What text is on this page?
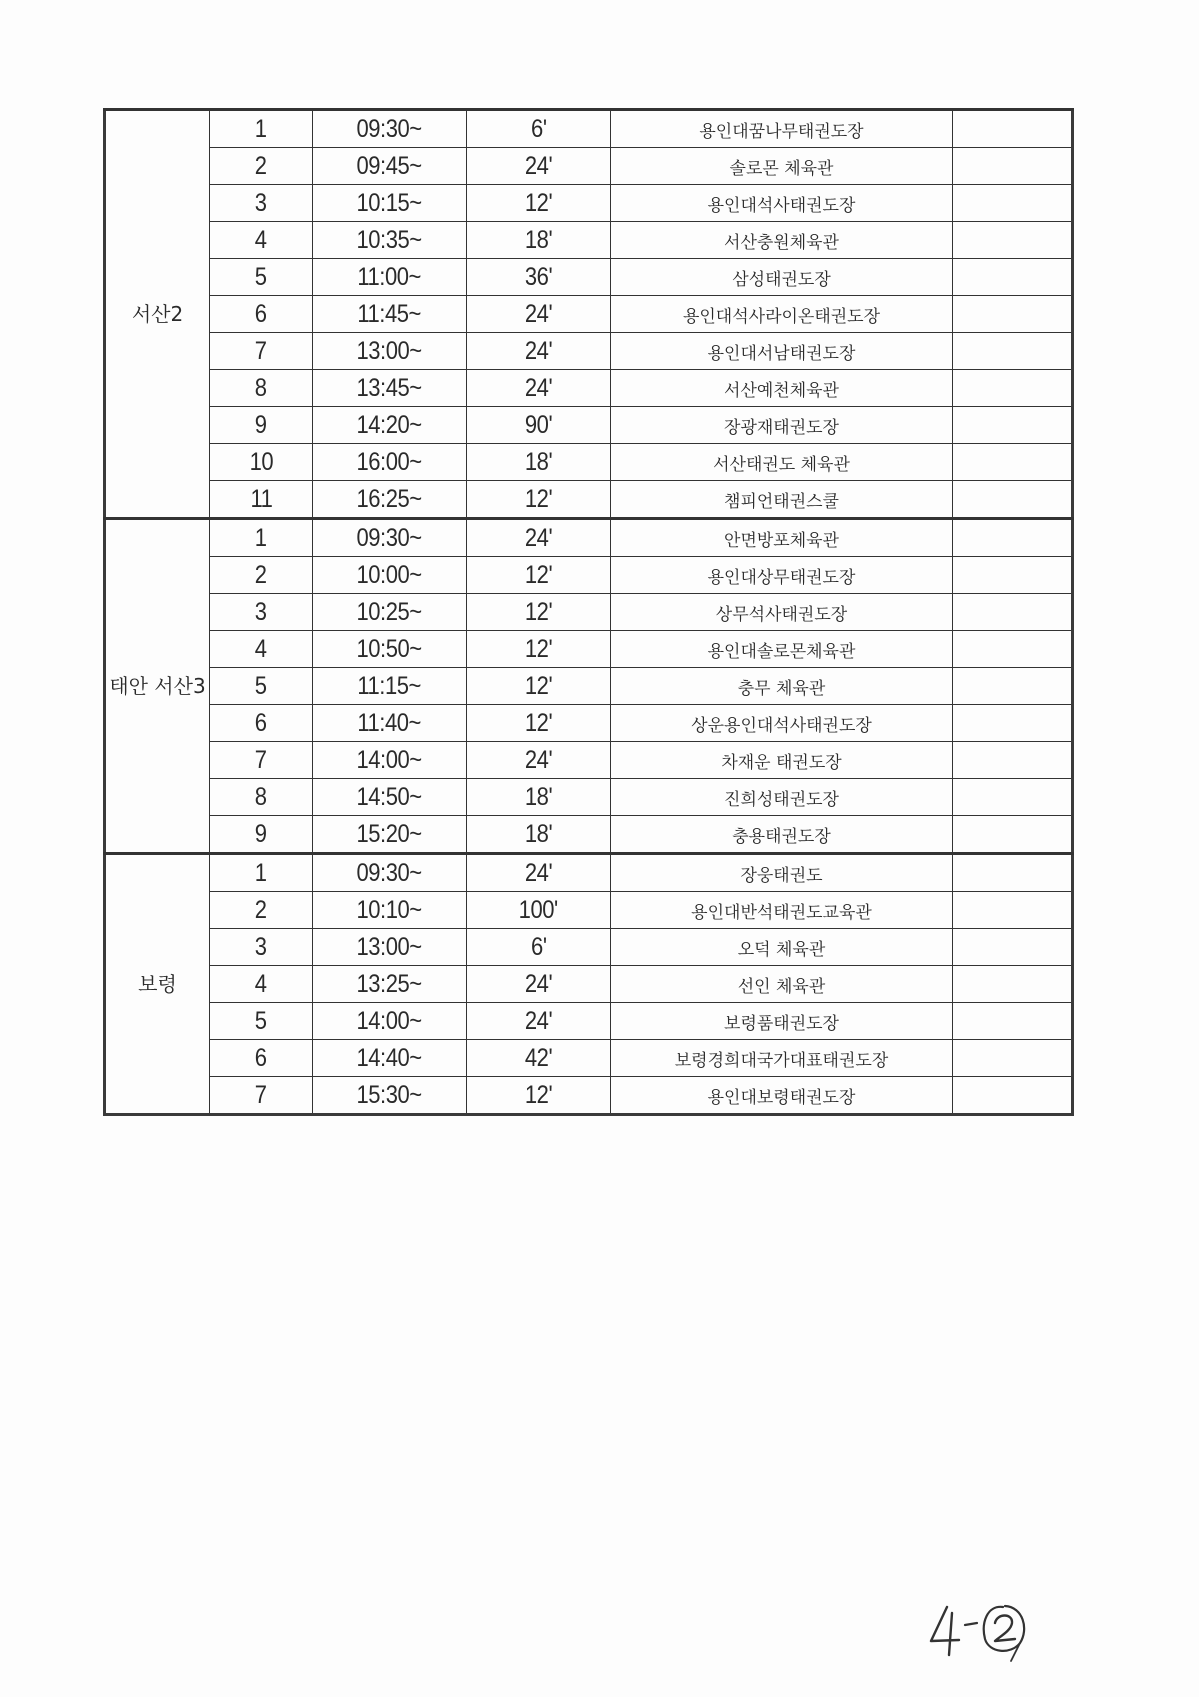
서산2	1	09:30~	6'	용인대꿈나무태권도장	
	2	09:45~	24'	솔로몬 체육관	
	3	10:15~	12'	용인대석사태권도장	
	4	10:35~	18'	서산충원체육관	
	5	11:00~	36'	삼성태권도장	
	6	11:45~	24'	용인대석사라이온태권도장	
	7	13:00~	24'	용인대서남태권도장	
	8	13:45~	24'	서산예천체육관	
	9	14:20~	90'	장광재태권도장	
	10	16:00~	18'	서산태권도 체육관	
	11	16:25~	12'	챔피언태권스쿨	
태안 서산3	1	09:30~	24'	안면방포체육관	
	2	10:00~	12'	용인대상무태권도장	
	3	10:25~	12'	상무석사태권도장	
	4	10:50~	12'	용인대솔로몬체육관	
	5	11:15~	12'	충무 체육관	
	6	11:40~	12'	상운용인대석사태권도장	
	7	14:00~	24'	차재운 태권도장	
	8	14:50~	18'	진희성태권도장	
	9	15:20~	18'	충용태권도장	
보령	1	09:30~	24'	장웅태권도	
	2	10:10~	100'	용인대반석태권도교육관	
	3	13:00~	6'	오덕 체육관	
	4	13:25~	24'	선인 체육관	
	5	14:00~	24'	보령품태권도장	
	6	14:40~	42'	보령경희대국가대표태권도장	
	7	15:30~	12'	용인대보령태권도장	
